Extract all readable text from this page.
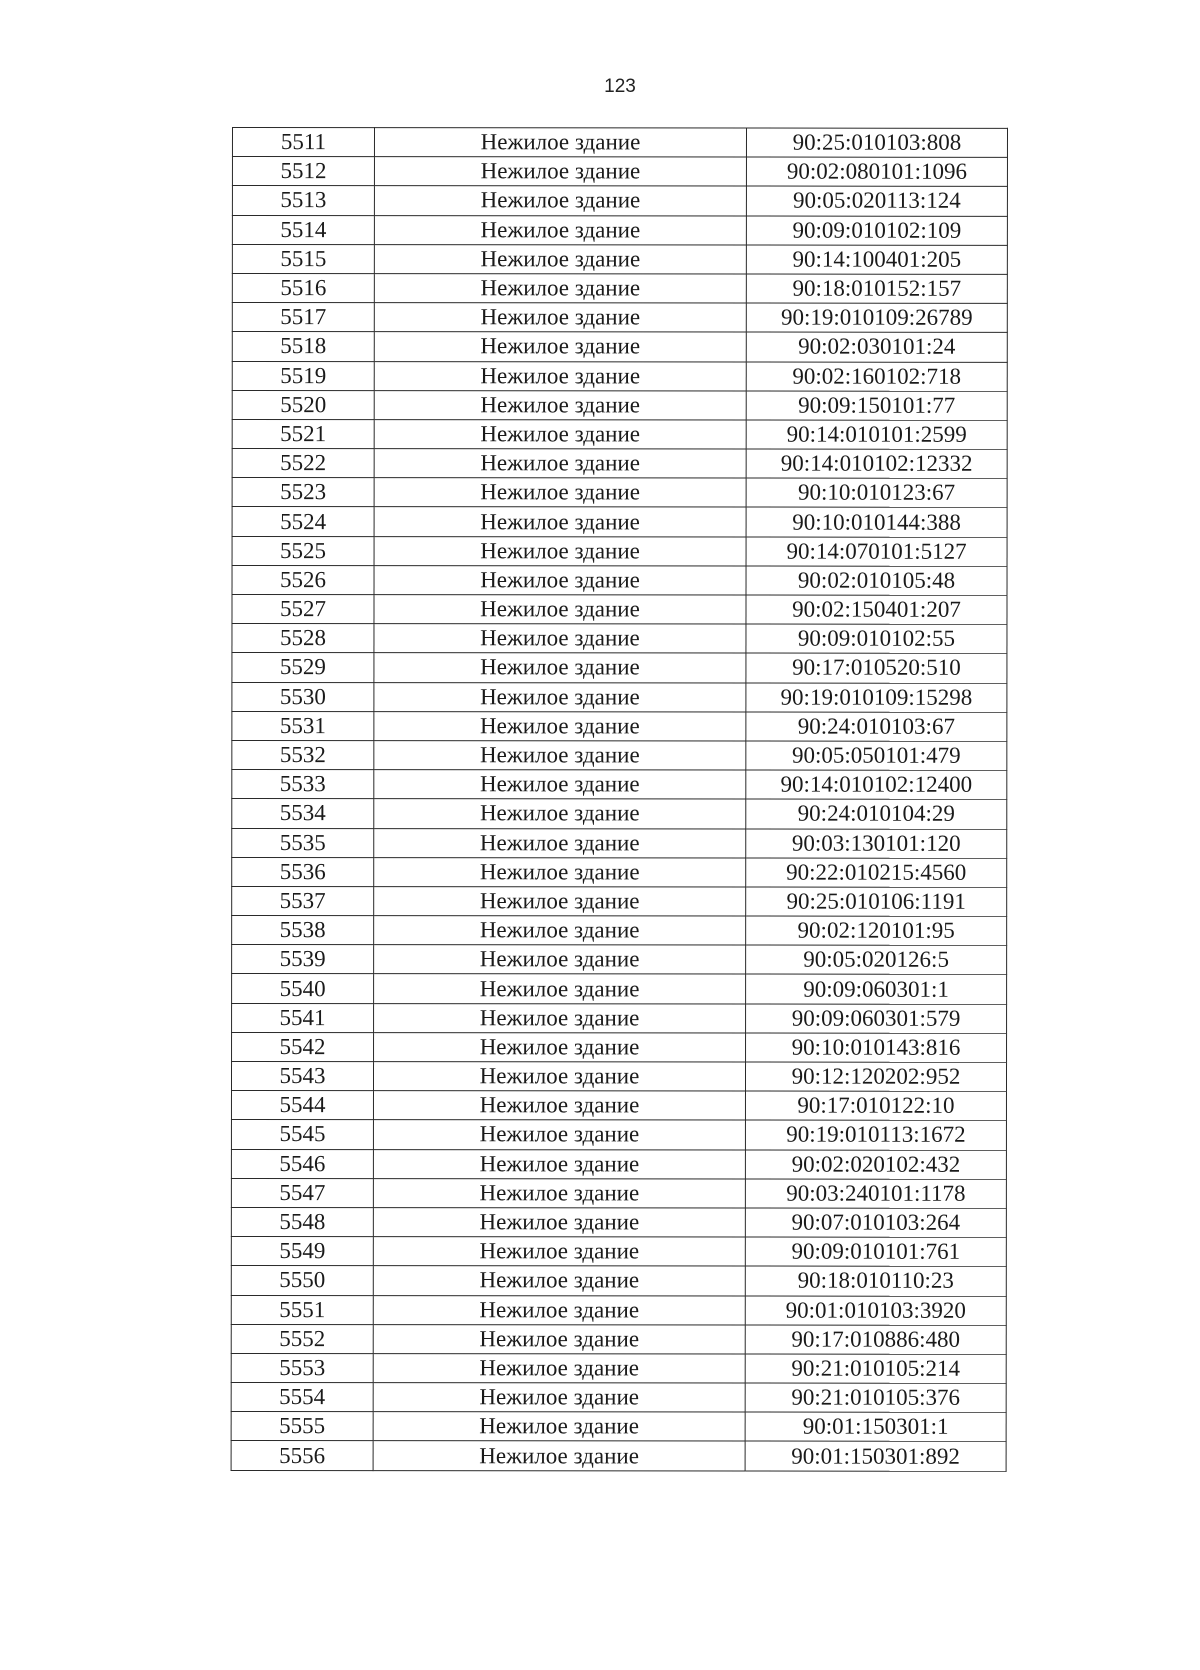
123
5511	Нежилое здание	90:25:010103:808
5512	Нежилое здание	90:02:080101:1096
5513	Нежилое здание	90:05:020113:124
5514	Нежилое здание	90:09:010102:109
5515	Нежилое здание	90:14:100401:205
5516	Нежилое здание	90:18:010152:157
5517	Нежилое здание	90:19:010109:26789
5518	Нежилое здание	90:02:030101:24
5519	Нежилое здание	90:02:160102:718
5520	Нежилое здание	90:09:150101:77
5521	Нежилое здание	90:14:010101:2599
5522	Нежилое здание	90:14:010102:12332
5523	Нежилое здание	90:10:010123:67
5524	Нежилое здание	90:10:010144:388
5525	Нежилое здание	90:14:070101:5127
5526	Нежилое здание	90:02:010105:48
5527	Нежилое здание	90:02:150401:207
5528	Нежилое здание	90:09:010102:55
5529	Нежилое здание	90:17:010520:510
5530	Нежилое здание	90:19:010109:15298
5531	Нежилое здание	90:24:010103:67
5532	Нежилое здание	90:05:050101:479
5533	Нежилое здание	90:14:010102:12400
5534	Нежилое здание	90:24:010104:29
5535	Нежилое здание	90:03:130101:120
5536	Нежилое здание	90:22:010215:4560
5537	Нежилое здание	90:25:010106:1191
5538	Нежилое здание	90:02:120101:95
5539	Нежилое здание	90:05:020126:5
5540	Нежилое здание	90:09:060301:1
5541	Нежилое здание	90:09:060301:579
5542	Нежилое здание	90:10:010143:816
5543	Нежилое здание	90:12:120202:952
5544	Нежилое здание	90:17:010122:10
5545	Нежилое здание	90:19:010113:1672
5546	Нежилое здание	90:02:020102:432
5547	Нежилое здание	90:03:240101:1178
5548	Нежилое здание	90:07:010103:264
5549	Нежилое здание	90:09:010101:761
5550	Нежилое здание	90:18:010110:23
5551	Нежилое здание	90:01:010103:3920
5552	Нежилое здание	90:17:010886:480
5553	Нежилое здание	90:21:010105:214
5554	Нежилое здание	90:21:010105:376
5555	Нежилое здание	90:01:150301:1
5556	Нежилое здание	90:01:150301:892
